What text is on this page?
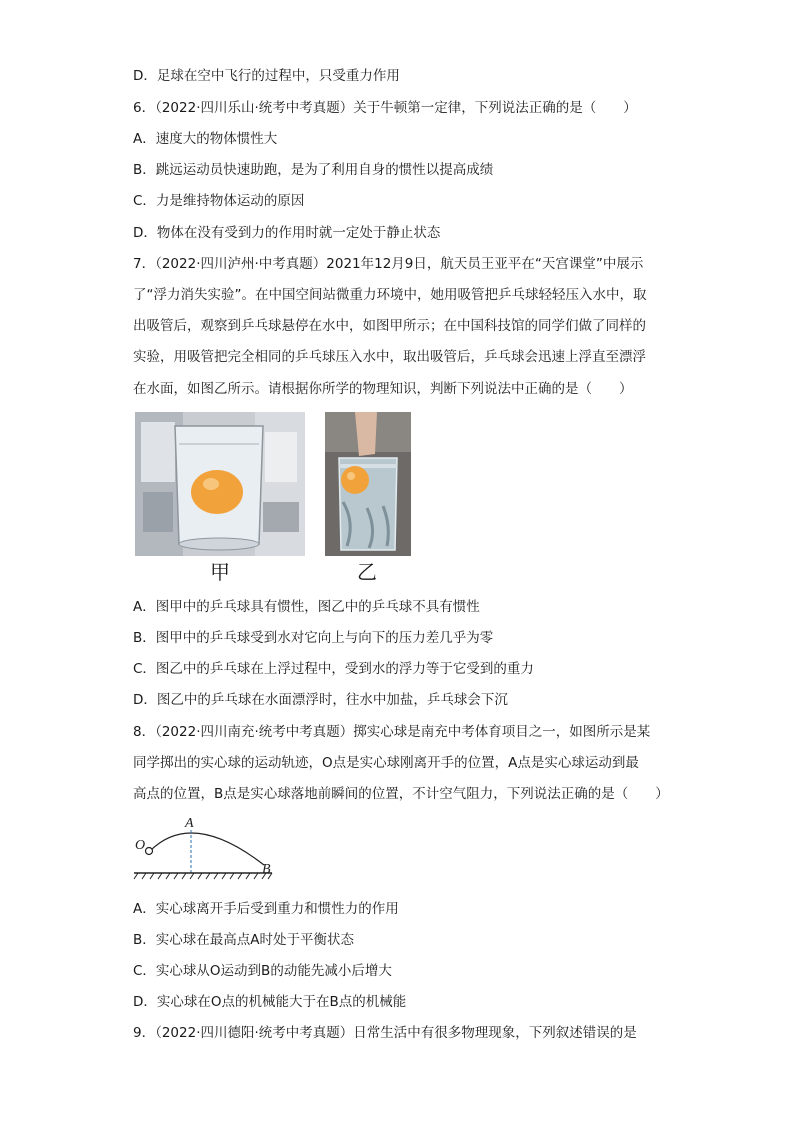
D．足球在空中飞行的过程中，只受重力作用
6．（2022·四川乐山·统考中考真题）关于牛顿第一定律，下列说法正确的是（　　）
A．速度大的物体惯性大
B．跳远运动员快速助跑，是为了利用自身的惯性以提高成绩
C．力是维持物体运动的原因
D．物体在没有受到力的作用时就一定处于静止状态
7．（2022·四川泸州·中考真题）2021年12月9日，航天员王亚平在“天宫课堂”中展示
了“浮力消失实验”。在中国空间站微重力环境中，她用吸管把乒乓球轻轻压入水中，取
出吸管后，观察到乒乓球悬停在水中，如图甲所示；在中国科技馆的同学们做了同样的
实验，用吸管把完全相同的乒乓球压入水中，取出吸管后，乒乓球会迅速上浮直至漂浮
在水面，如图乙所示。请根据你所学的物理知识，判断下列说法中正确的是（　　）
甲	乙
A．图甲中的乒乓球具有惯性，图乙中的乒乓球不具有惯性
B．图甲中的乒乓球受到水对它向上与向下的压力差几乎为零
C．图乙中的乒乓球在上浮过程中，受到水的浮力等于它受到的重力
D．图乙中的乒乓球在水面漂浮时，往水中加盐，乒乓球会下沉
8．（2022·四川南充·统考中考真题）掷实心球是南充中考体育项目之一，如图所示是某
同学掷出的实心球的运动轨迹，O点是实心球刚离开手的位置，A点是实心球运动到最
高点的位置，B点是实心球落地前瞬间的位置，不计空气阻力，下列说法正确的是（　　）
O
A
B
A．实心球离开手后受到重力和惯性力的作用
B．实心球在最高点A时处于平衡状态
C．实心球从O运动到B的动能先减小后增大
D．实心球在O点的机械能大于在B点的机械能
9．（2022·四川德阳·统考中考真题）日常生活中有很多物理现象，下列叙述错误的是
